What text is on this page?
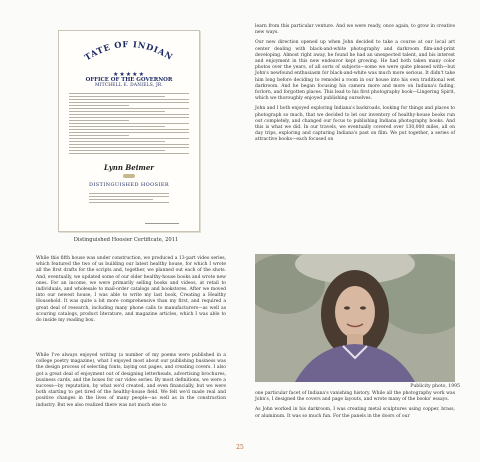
STATE OF INDIANA
★★★★★
OFFICE OF THE GOVERNOR
MITCHELL E. DANIELS, JR.
Lynn Beimer
DISTINGUISHED HOOSIER
Distinguished Hoosier Certificate, 2011

learn from this particular venture. And we were ready, once again, to grow in creative new ways.

Our new direction opened up when John decided to take a course at our local art center dealing with black-and-white photography and darkroom film-and-print developing. Almost right away, he found he had an unexpected talent, and his interest and enjoyment in this new endeavor kept growing. He had both taken many color photos over the years, of all sorts of subjects—some we were quite pleased with—but John's newfound enthusiasm for black-and-white was much more serious. It didn't take him long before deciding to remodel a room in our house into his own traditional wet darkroom. And he began focusing his camera more and more on Indiana's fading, forlorn, and forgotten places. This lead to his first photography book—Lingering Spirit, which we thoroughly enjoyed publishing ourselves.

John and I both enjoyed exploring Indiana's backroads, looking for things and places to photograph so much, that we decided to let our inventory of healthy-house books run out completely, and changed our focus to publishing Indiana photography books. And this is what we did. In our travels, we eventually covered over 130,000 miles, all on day trips, exploring and capturing Indiana's past on film. We put together, a series of attractive books—each focused on

While this fifth house was under construction, we produced a 13-part video series, which featured the two of us building our latest healthy house, for which I wrote all the first drafts for the scripts and, together, we planned out each of the shots. And, eventually, we updated some of our older healthy-house books and wrote new ones. For an income, we were primarily selling books and videos, at retail to individuals, and wholesale to mail-order catalogs and bookstores. After we moved into our newest house, I was able to write my last book, Creating a Healthy Household. It was quite a bit more comprehensive than my first, and required a great deal of research, including many phone calls to manufacturers—as well as scouring catalogs, product literature, and magazine articles, which I was able to do inside my reading box.

While I've always enjoyed writing (a number of my poems were published in a college poetry magazine), what I enjoyed most about our publishing business was the design process of selecting fonts, laying out pages, and creating covers. I also got a great deal of enjoyment out of designing letterheads, advertising brochures, business cards, and the boxes for our video series. By most definitions, we were a success—by reputation, by what we'd created, and even financially, but we were both starting to get tired of the healthy-house field. We felt we'd made real and positive changes in the lives of many people—as well as in the construction industry. But we also realized there was not much else to

Publicity photo, 1995

one particular facet of Indiana's vanishing history. While all the photography work was John's, I designed the covers and page layouts, and wrote many of the books' essays.

As John worked in his darkroom, I was creating metal sculptures using copper, brass, or aluminum. It was so much fun. For the panels in the doors of our

25
